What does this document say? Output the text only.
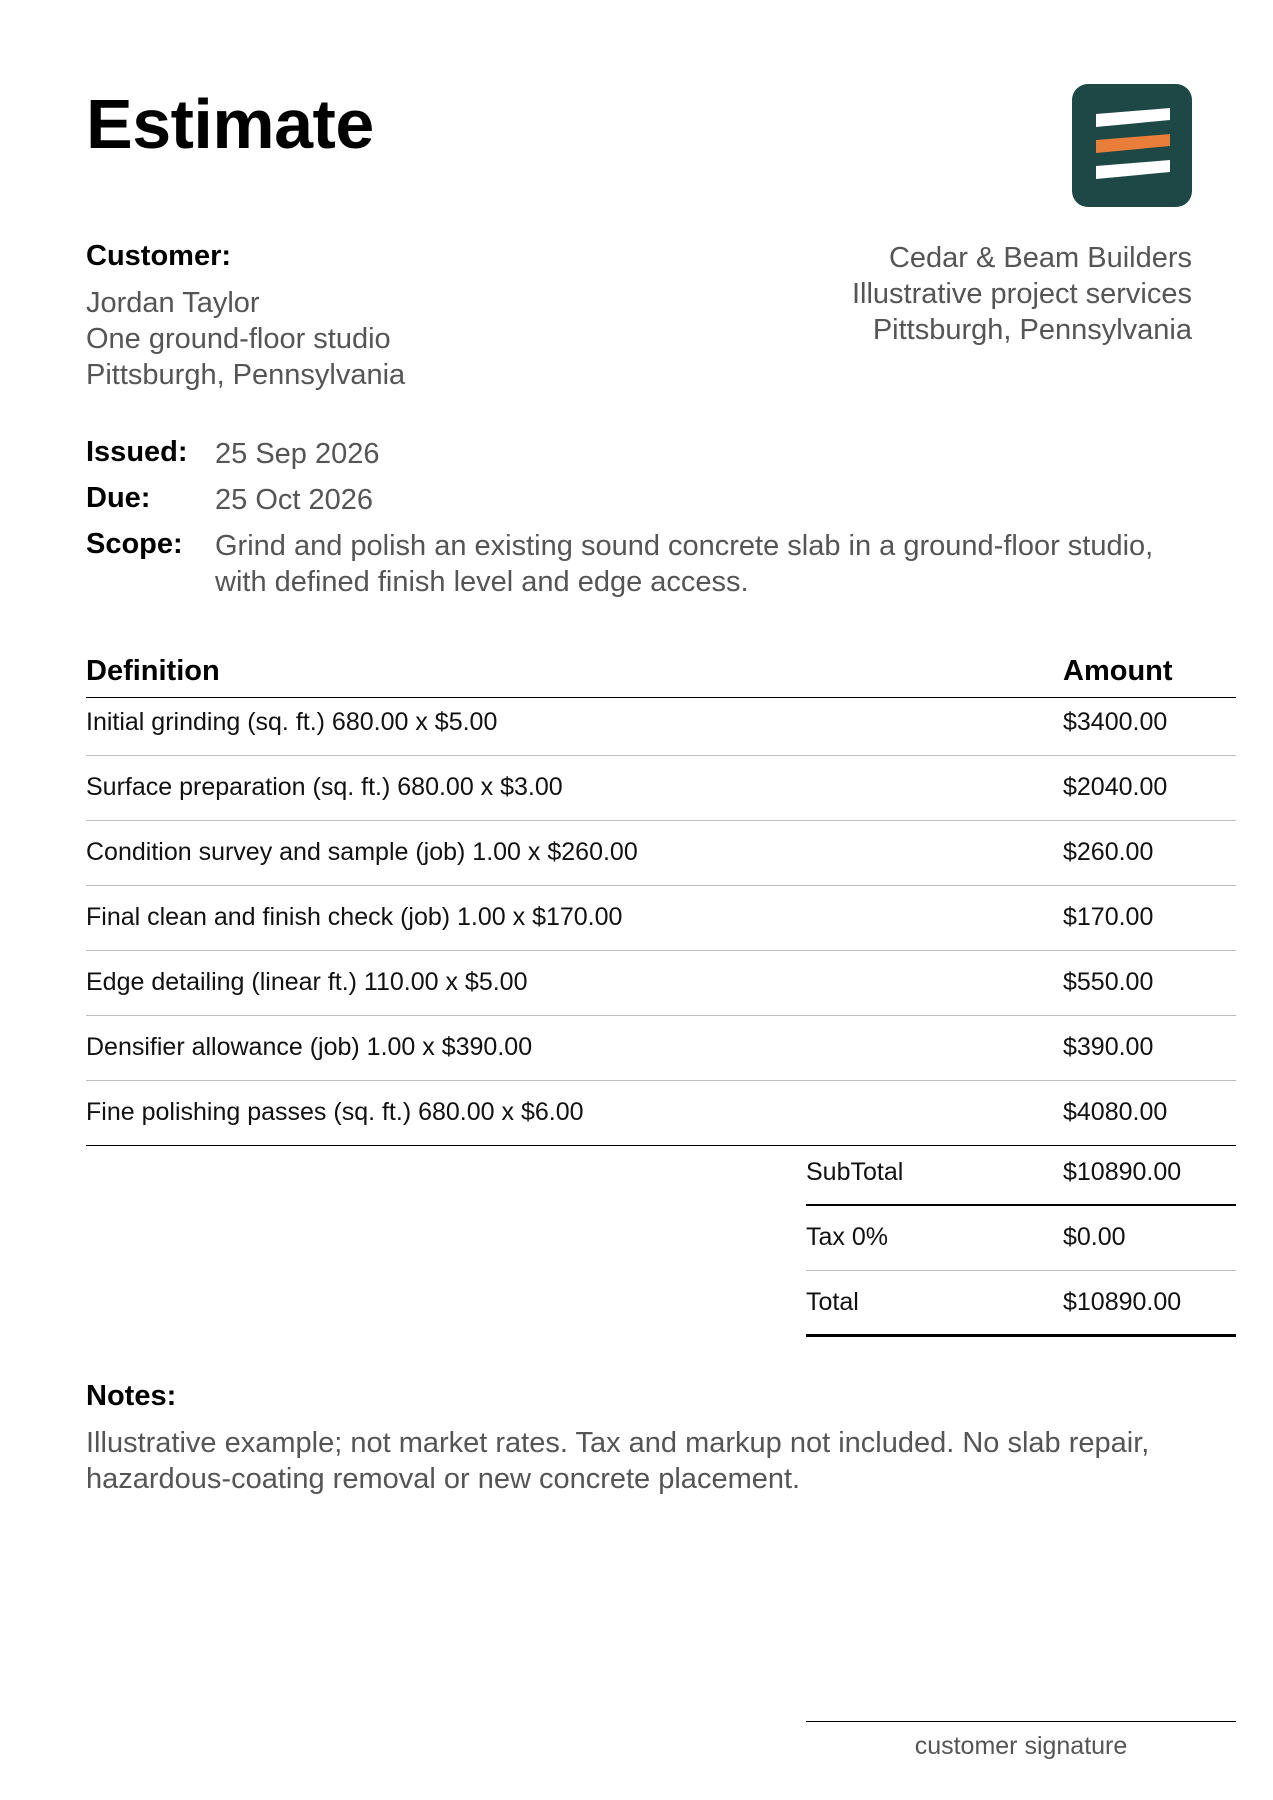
Estimate
Customer:
Jordan Taylor
One ground-floor studio
Pittsburgh, Pennsylvania
Cedar & Beam Builders
Illustrative project services
Pittsburgh, Pennsylvania
Issued: 25 Sep 2026
Due: 25 Oct 2026
Scope: Grind and polish an existing sound concrete slab in a ground-floor studio,
with defined finish level and edge access.
Definition	Amount
Initial grinding (sq. ft.) 680.00 x $5.00	$3400.00
Surface preparation (sq. ft.) 680.00 x $3.00	$2040.00
Condition survey and sample (job) 1.00 x $260.00	$260.00
Final clean and finish check (job) 1.00 x $170.00	$170.00
Edge detailing (linear ft.) 110.00 x $5.00	$550.00
Densifier allowance (job) 1.00 x $390.00	$390.00
Fine polishing passes (sq. ft.) 680.00 x $6.00	$4080.00
SubTotal	$10890.00
Tax 0%	$0.00
Total	$10890.00
Notes:
Illustrative example; not market rates. Tax and markup not included. No slab repair,
hazardous-coating removal or new concrete placement.
customer signature
